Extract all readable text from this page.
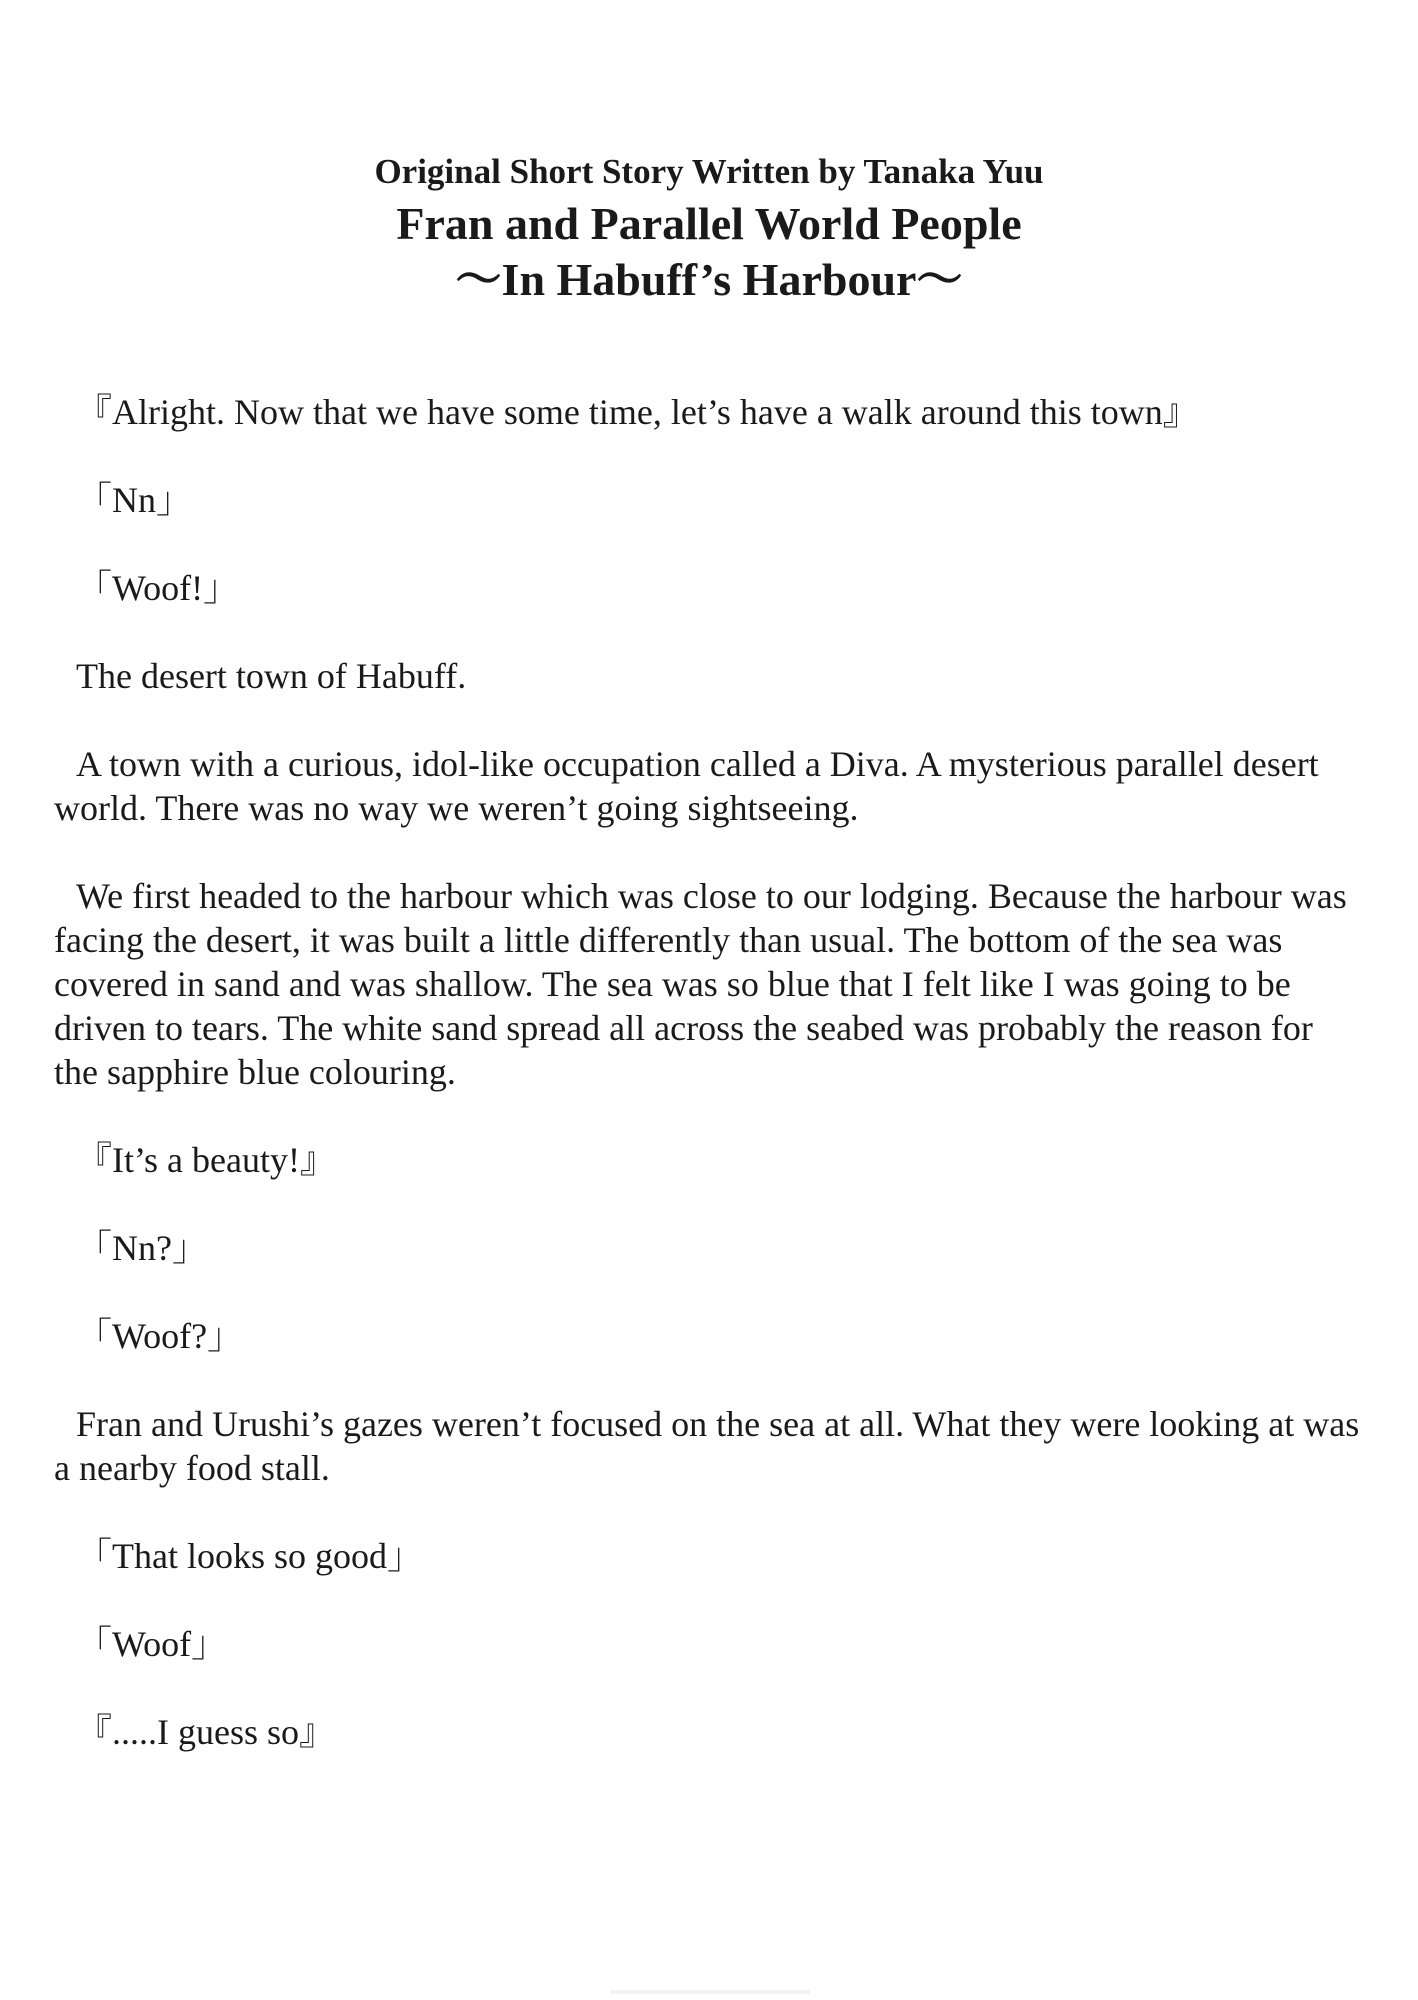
Original Short Story Written by Tanaka Yuu

Fran and Parallel World People

～In Habuff’s Harbour～

『Alright. Now that we have some time, let’s have a walk around this town』

「Nn」

「Woof!」

The desert town of Habuff.

A town with a curious, idol-like occupation called a Diva. A mysterious parallel desert world. There was no way we weren’t going sightseeing.

We first headed to the harbour which was close to our lodging. Because the harbour was facing the desert, it was built a little differently than usual. The bottom of the sea was covered in sand and was shallow. The sea was so blue that I felt like I was going to be driven to tears. The white sand spread all across the seabed was probably the reason for the sapphire blue colouring.

『It’s a beauty!』

「Nn?」

「Woof?」

Fran and Urushi’s gazes weren’t focused on the sea at all. What they were looking at was a nearby food stall.

「That looks so good」

「Woof」

『.....I guess so』
